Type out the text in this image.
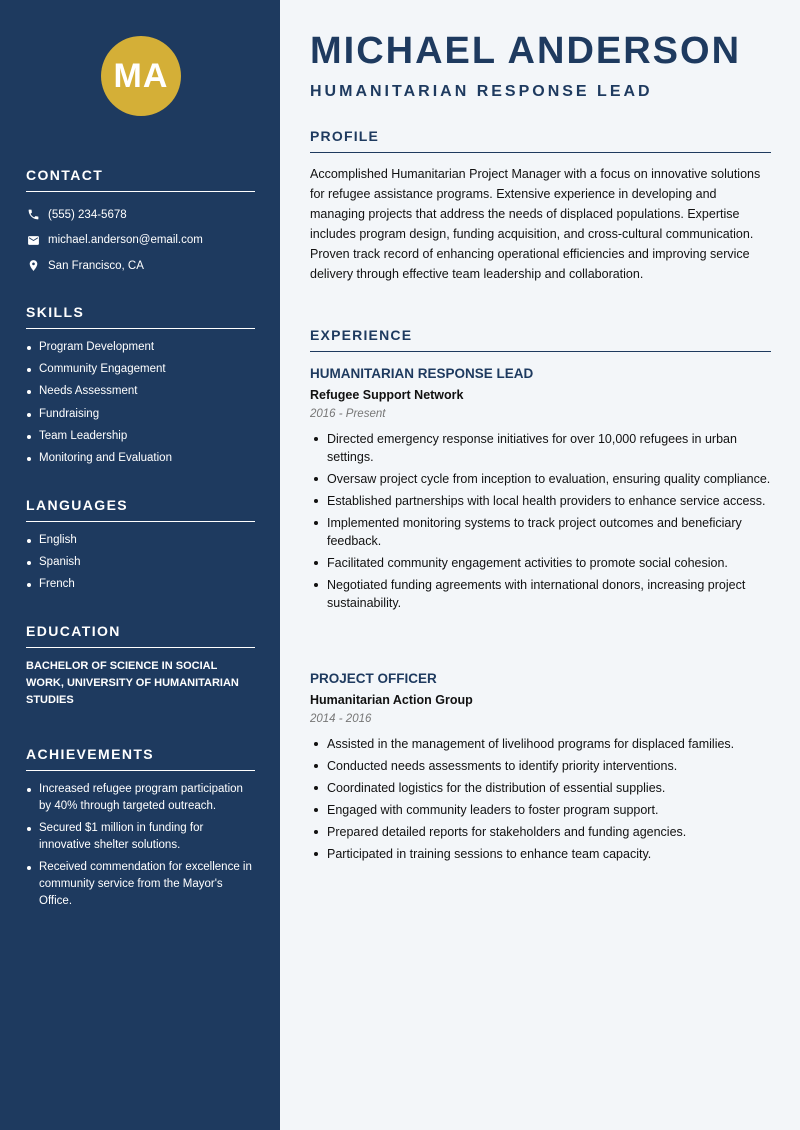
MA
CONTACT
(555) 234-5678
michael.anderson@email.com
San Francisco, CA
SKILLS
Program Development
Community Engagement
Needs Assessment
Fundraising
Team Leadership
Monitoring and Evaluation
LANGUAGES
English
Spanish
French
EDUCATION

BACHELOR OF SCIENCE IN SOCIAL WORK, UNIVERSITY OF HUMANITARIAN STUDIES

ACHIEVEMENTS
Increased refugee program participation by 40% through targeted outreach.
Secured $1 million in funding for innovative shelter solutions.
Received commendation for excellence in community service from the Mayor's Office.
MICHAEL ANDERSON
HUMANITARIAN RESPONSE LEAD
PROFILE

Accomplished Humanitarian Project Manager with a focus on innovative solutions for refugee assistance programs. Extensive experience in developing and managing projects that address the needs of displaced populations. Expertise includes program design, funding acquisition, and cross-cultural communication. Proven track record of enhancing operational efficiencies and improving service delivery through effective team leadership and collaboration.

EXPERIENCE
HUMANITARIAN RESPONSE LEAD
Refugee Support Network
2016 - Present
Directed emergency response initiatives for over 10,000 refugees in urban settings.
Oversaw project cycle from inception to evaluation, ensuring quality compliance.
Established partnerships with local health providers to enhance service access.
Implemented monitoring systems to track project outcomes and beneficiary feedback.
Facilitated community engagement activities to promote social cohesion.
Negotiated funding agreements with international donors, increasing project sustainability.
PROJECT OFFICER
Humanitarian Action Group
2014 - 2016
Assisted in the management of livelihood programs for displaced families.
Conducted needs assessments to identify priority interventions.
Coordinated logistics for the distribution of essential supplies.
Engaged with community leaders to foster program support.
Prepared detailed reports for stakeholders and funding agencies.
Participated in training sessions to enhance team capacity.
